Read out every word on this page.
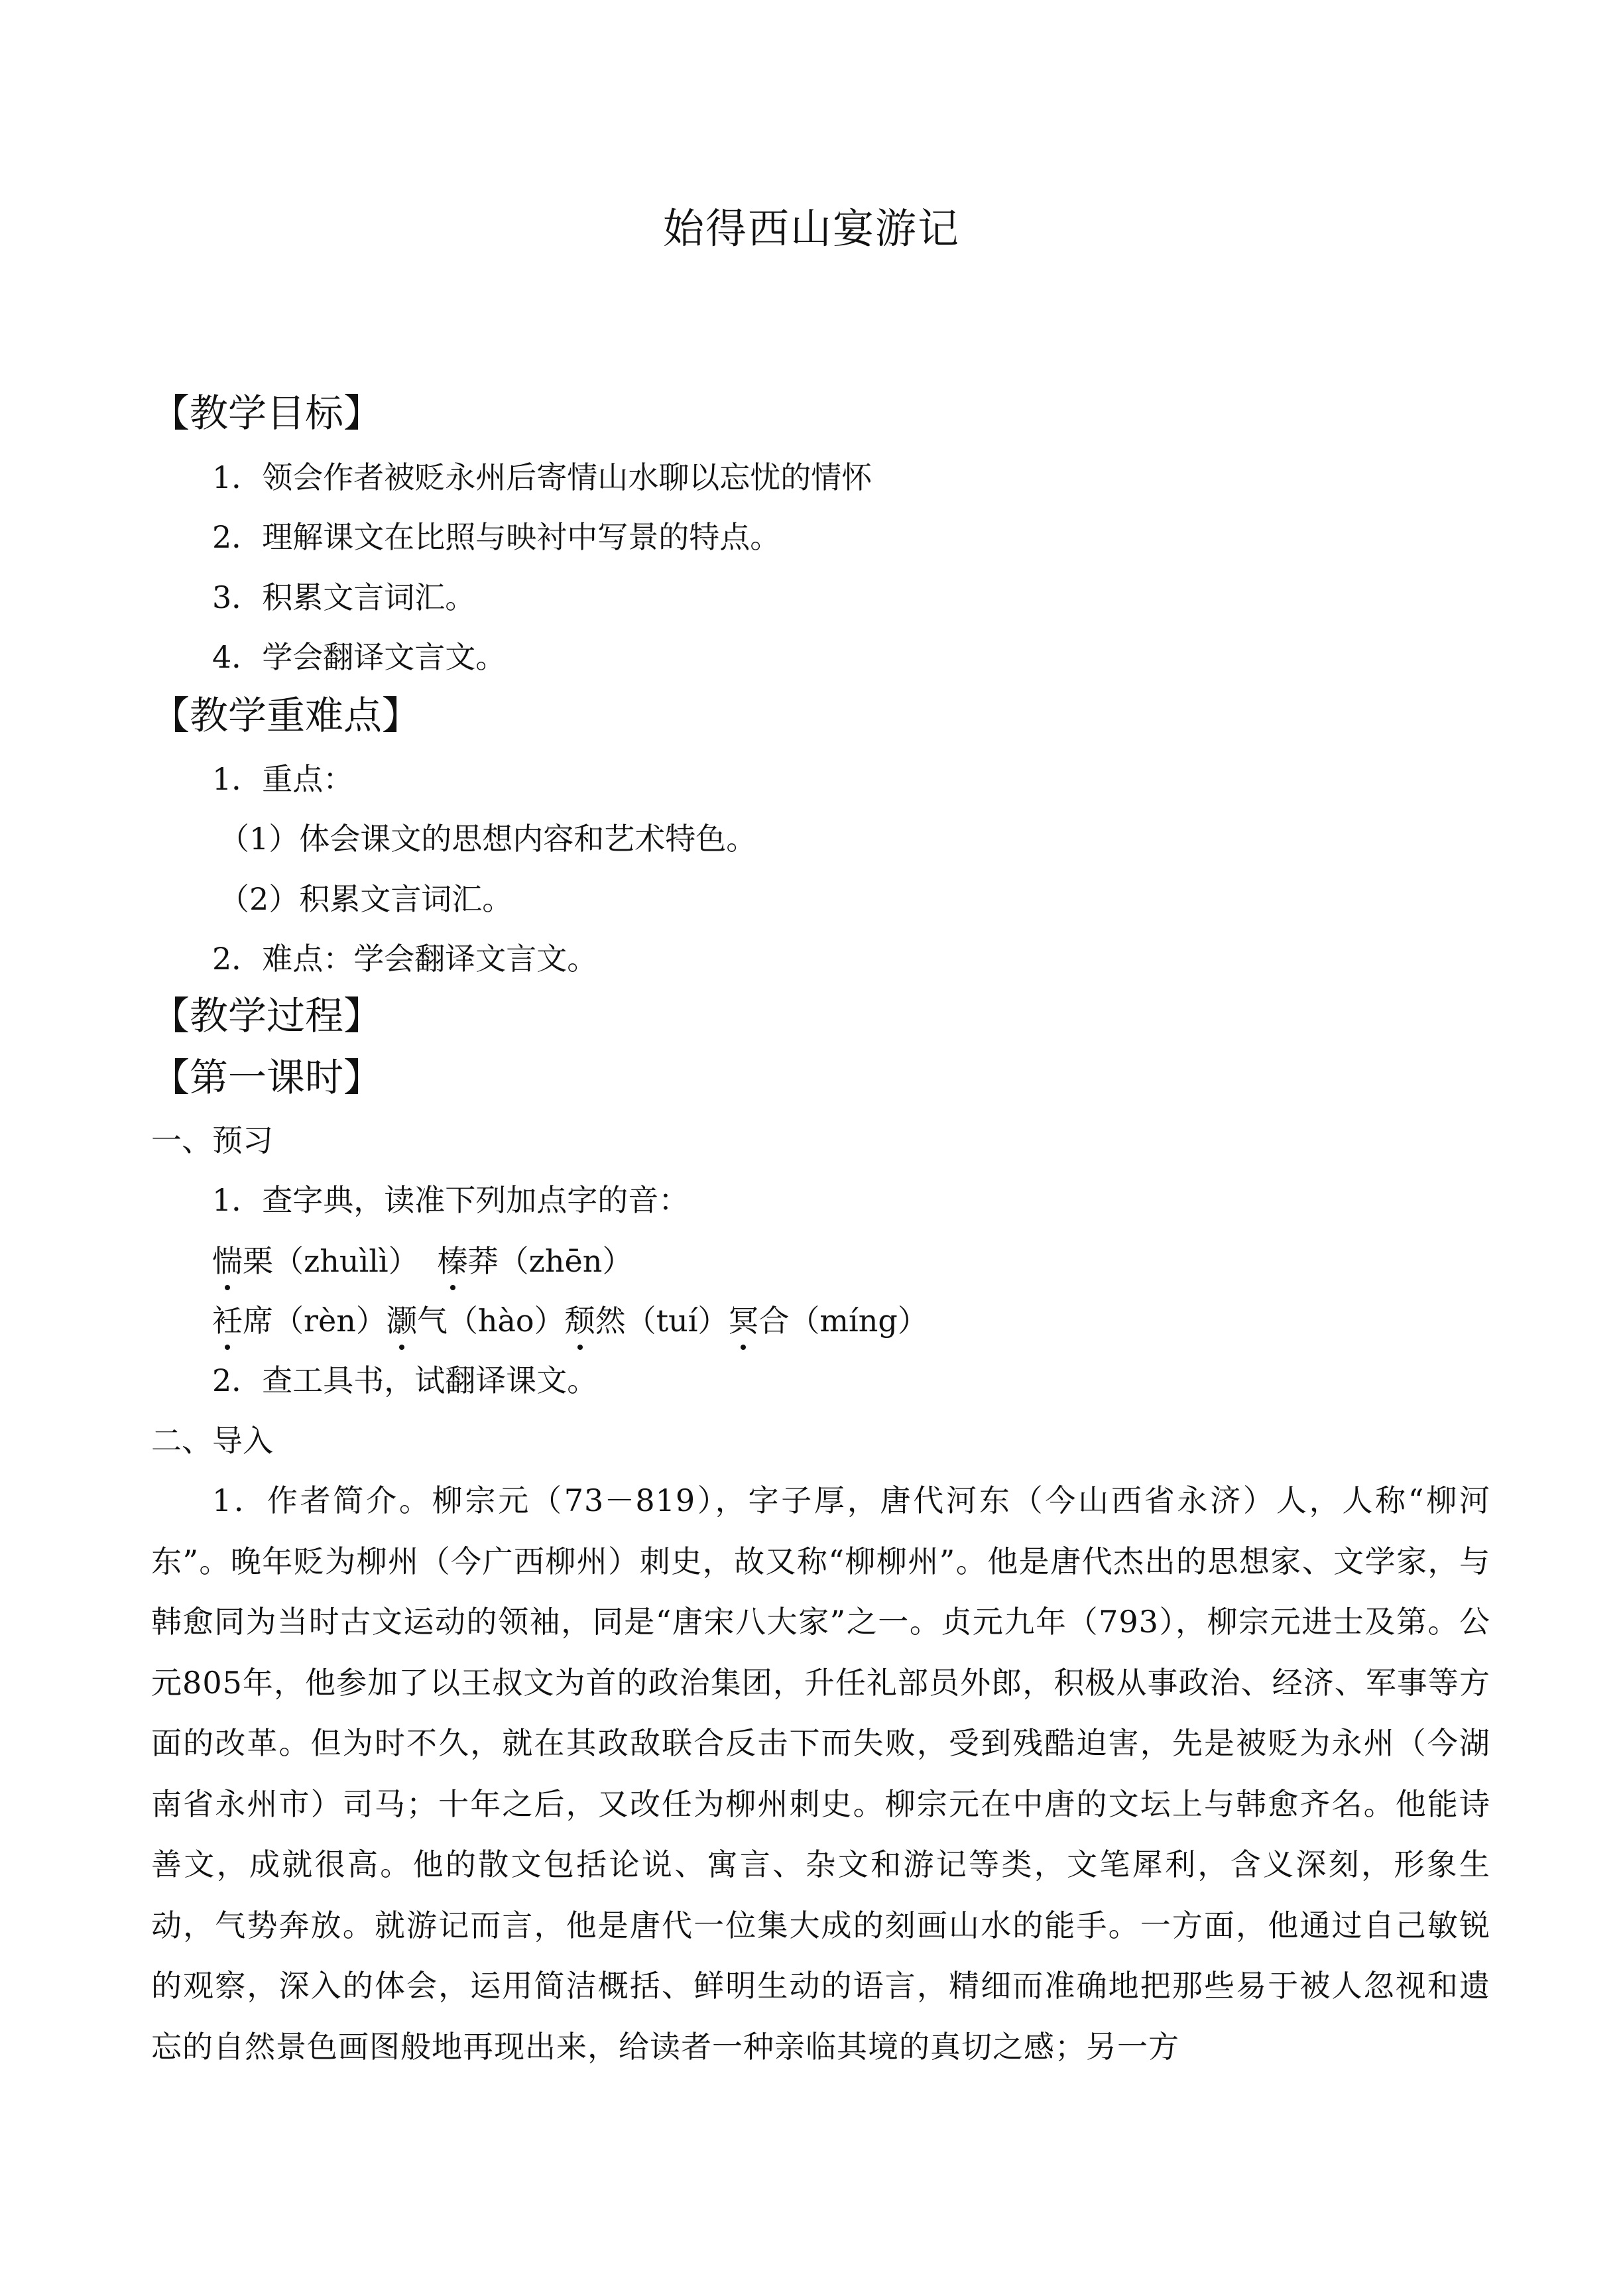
始得西山宴游记
【教学目标】
1．领会作者被贬永州后寄情山水聊以忘忧的情怀
2．理解课文在比照与映衬中写景的特点。
3．积累文言词汇。
4．学会翻译文言文。
【教学重难点】
1．重点：
（1）体会课文的思想内容和艺术特色。
（2）积累文言词汇。
2．难点：学会翻译文言文。
【教学过程】
【第一课时】
一、预习
1．查字典，读准下列加点字的音：
惴栗（zhuìlì） 榛莽（zhēn）
衽席（rèn）灏气（hào）颓然（tuí）冥合（míng）
2．查工具书，试翻译课文。
二、导入
1．作者简介。柳宗元（73－819），字子厚，唐代河东（今山西省永济）人，人称“柳河东”。晚年贬为柳州（今广西柳州）刺史，故又称“柳柳州”。他是唐代杰出的思想家、文学家，与韩愈同为当时古文运动的领袖，同是“唐宋八大家”之一。贞元九年（793），柳宗元进士及第。公元805年，他参加了以王叔文为首的政治集团，升任礼部员外郎，积极从事政治、经济、军事等方面的改革。但为时不久，就在其政敌联合反击下而失败，受到残酷迫害，先是被贬为永州（今湖南省永州市）司马；十年之后，又改任为柳州刺史。柳宗元在中唐的文坛上与韩愈齐名。他能诗善文，成就很高。他的散文包括论说、寓言、杂文和游记等类，文笔犀利，含义深刻，形象生动，气势奔放。就游记而言，他是唐代一位集大成的刻画山水的能手。一方面，他通过自己敏锐的观察，深入的体会，运用简洁概括、鲜明生动的语言，精细而准确地把那些易于被人忽视和遗忘的自然景色画图般地再现出来，给读者一种亲临其境的真切之感；另一方
